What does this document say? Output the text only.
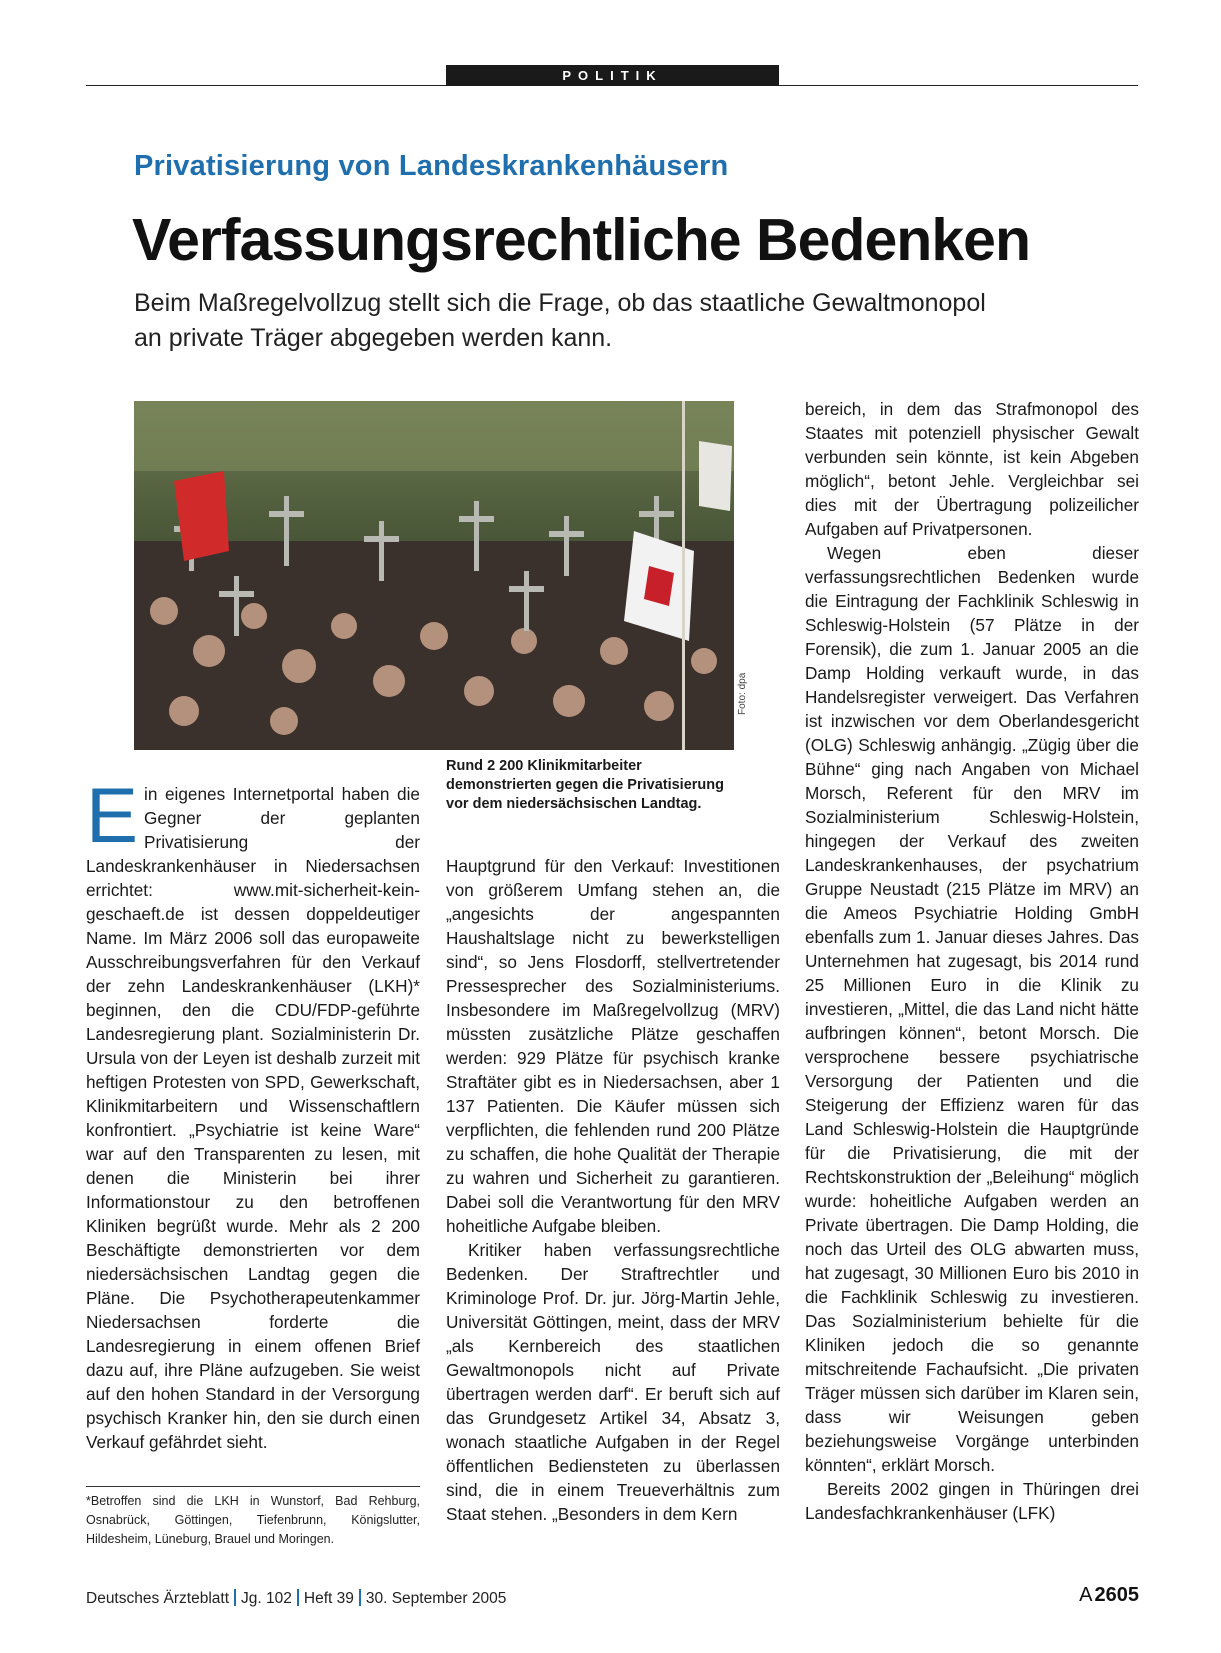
POLITIK
Privatisierung von Landeskrankenhäusern
Verfassungsrechtliche Bedenken
Beim Maßregelvollzug stellt sich die Frage, ob das staatliche Gewaltmonopol an private Träger abgegeben werden kann.
Foto: dpa
Rund 2 200 Klinikmitarbeiter demonstrierten gegen die Privatisierung vor dem niedersächsischen Landtag.

Ein eigenes Internetportal haben die Gegner der geplanten Privatisierung der Landeskrankenhäuser in Niedersachsen errichtet: www.mit-sicherheit-kein-geschaeft.de ist dessen doppeldeutiger Name. Im März 2006 soll das europaweite Ausschreibungsverfahren für den Verkauf der zehn Landeskrankenhäuser (LKH)* beginnen, den die CDU/FDP-geführte Landesregierung plant. Sozialministerin Dr. Ursula von der Leyen ist deshalb zurzeit mit heftigen Protesten von SPD, Gewerkschaft, Klinikmitarbeitern und Wissenschaftlern konfrontiert. „Psychiatrie ist keine Ware“ war auf den Transparenten zu lesen, mit denen die Ministerin bei ihrer Informationstour zu den betroffenen Kliniken begrüßt wurde. Mehr als 2 200 Beschäftigte demonstrierten vor dem niedersächsischen Landtag gegen die Pläne. Die Psychotherapeutenkammer Niedersachsen forderte die Landesregierung in einem offenen Brief dazu auf, ihre Pläne aufzugeben. Sie weist auf den hohen Standard in der Versorgung psychisch Kranker hin, den sie durch einen Verkauf gefährdet sieht.

Hauptgrund für den Verkauf: Investitionen von größerem Umfang stehen an, die „angesichts der angespannten Haushaltslage nicht zu bewerkstelligen sind“, so Jens Flosdorff, stellvertretender Pressesprecher des Sozialministeriums. Insbesondere im Maßregelvollzug (MRV) müssten zusätzliche Plätze geschaffen werden: 929 Plätze für psychisch kranke Straftäter gibt es in Niedersachsen, aber 1 137 Patienten. Die Käufer müssen sich verpflichten, die fehlenden rund 200 Plätze zu schaffen, die hohe Qualität der Therapie zu wahren und Sicherheit zu garantieren. Dabei soll die Verantwortung für den MRV hoheitliche Aufgabe bleiben.

Kritiker haben verfassungsrechtliche Bedenken. Der Straftrechtler und Kriminologe Prof. Dr. jur. Jörg-Martin Jehle, Universität Göttingen, meint, dass der MRV „als Kernbereich des staatlichen Gewaltmonopols nicht auf Private übertragen werden darf“. Er beruft sich auf das Grundgesetz Artikel 34, Absatz 3, wonach staatliche Aufgaben in der Regel öffentlichen Bediensteten zu überlassen sind, die in einem Treueverhältnis zum Staat stehen. „Besonders in dem Kern

bereich, in dem das Strafmonopol des Staates mit potenziell physischer Gewalt verbunden sein könnte, ist kein Abgeben möglich“, betont Jehle. Vergleichbar sei dies mit der Übertragung polizeilicher Aufgaben auf Privatpersonen.

Wegen eben dieser verfassungsrechtlichen Bedenken wurde die Eintragung der Fachklinik Schleswig in Schleswig-Holstein (57 Plätze in der Forensik), die zum 1. Januar 2005 an die Damp Holding verkauft wurde, in das Handelsregister verweigert. Das Verfahren ist inzwischen vor dem Oberlandesgericht (OLG) Schleswig anhängig. „Zügig über die Bühne“ ging nach Angaben von Michael Morsch, Referent für den MRV im Sozialministerium Schleswig-Holstein, hingegen der Verkauf des zweiten Landeskrankenhauses, der psychatrium Gruppe Neustadt (215 Plätze im MRV) an die Ameos Psychiatrie Holding GmbH ebenfalls zum 1. Januar dieses Jahres. Das Unternehmen hat zugesagt, bis 2014 rund 25 Millionen Euro in die Klinik zu investieren, „Mittel, die das Land nicht hätte aufbringen können“, betont Morsch. Die versprochene bessere psychiatrische Versorgung der Patienten und die Steigerung der Effizienz waren für das Land Schleswig-Holstein die Hauptgründe für die Privatisierung, die mit der Rechtskonstruktion der „Beleihung“ möglich wurde: hoheitliche Aufgaben werden an Private übertragen. Die Damp Holding, die noch das Urteil des OLG abwarten muss, hat zugesagt, 30 Millionen Euro bis 2010 in die Fachklinik Schleswig zu investieren. Das Sozialministerium behielte für die Kliniken jedoch die so genannte mitschreitende Fachaufsicht. „Die privaten Träger müssen sich darüber im Klaren sein, dass wir Weisungen geben beziehungsweise Vorgänge unterbinden könnten“, erklärt Morsch.

Bereits 2002 gingen in Thüringen drei Landesfachkrankenhäuser (LFK)

*Betroffen sind die LKH in Wunstorf, Bad Rehburg, Osnabrück, Göttingen, Tiefenbrunn, Königslutter, Hildesheim, Lüneburg, Brauel und Moringen.
Deutsches Ärzteblatt Jg. 102 Heft 39 30. September 2005	A 2605
